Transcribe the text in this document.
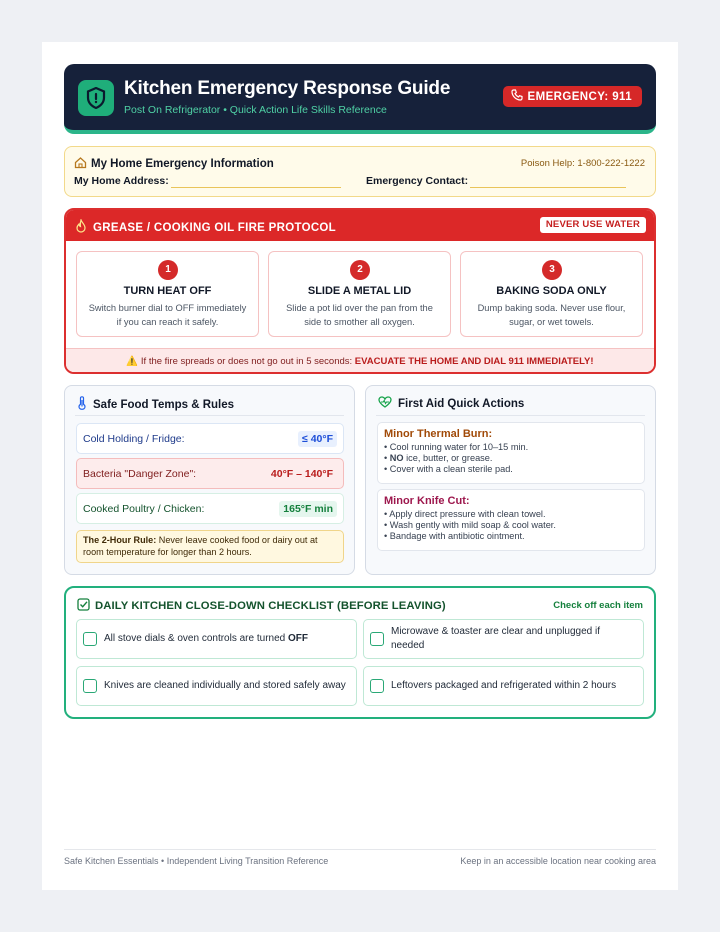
Kitchen Emergency Response Guide
Post On Refrigerator • Quick Action Life Skills Reference
EMERGENCY: 911
My Home Emergency Information	Poison Help: 1-800-222-1222
My Home Address:	Emergency Contact:
GREASE / COOKING OIL FIRE PROTOCOL	NEVER USE WATER
1
TURN HEAT OFF
Switch burner dial to OFF immediately if you can reach it safely.
2
SLIDE A METAL LID
Slide a pot lid over the pan from the side to smother all oxygen.
3
BAKING SODA ONLY
Dump baking soda. Never use flour, sugar, or wet towels.
⚠️ If the fire spreads or does not go out in 5 seconds: EVACUATE THE HOME AND DIAL 911 IMMEDIATELY!
Safe Food Temps & Rules
Cold Holding / Fridge:	≤ 40°F
Bacteria "Danger Zone":	40°F – 140°F
Cooked Poultry / Chicken:	165°F min
The 2-Hour Rule: Never leave cooked food or dairy out at room temperature for longer than 2 hours.
First Aid Quick Actions
Minor Thermal Burn:
• Cool running water for 10–15 min.
• NO ice, butter, or grease.
• Cover with a clean sterile pad.
Minor Knife Cut:
• Apply direct pressure with clean towel.
• Wash gently with mild soap & cool water.
• Bandage with antibiotic ointment.
DAILY KITCHEN CLOSE-DOWN CHECKLIST (BEFORE LEAVING)	Check off each item
All stove dials & oven controls are turned OFF
Microwave & toaster are clear and unplugged if needed
Knives are cleaned individually and stored safely away	Leftovers packaged and refrigerated within 2 hours
Safe Kitchen Essentials • Independent Living Transition Reference	Keep in an accessible location near cooking area
